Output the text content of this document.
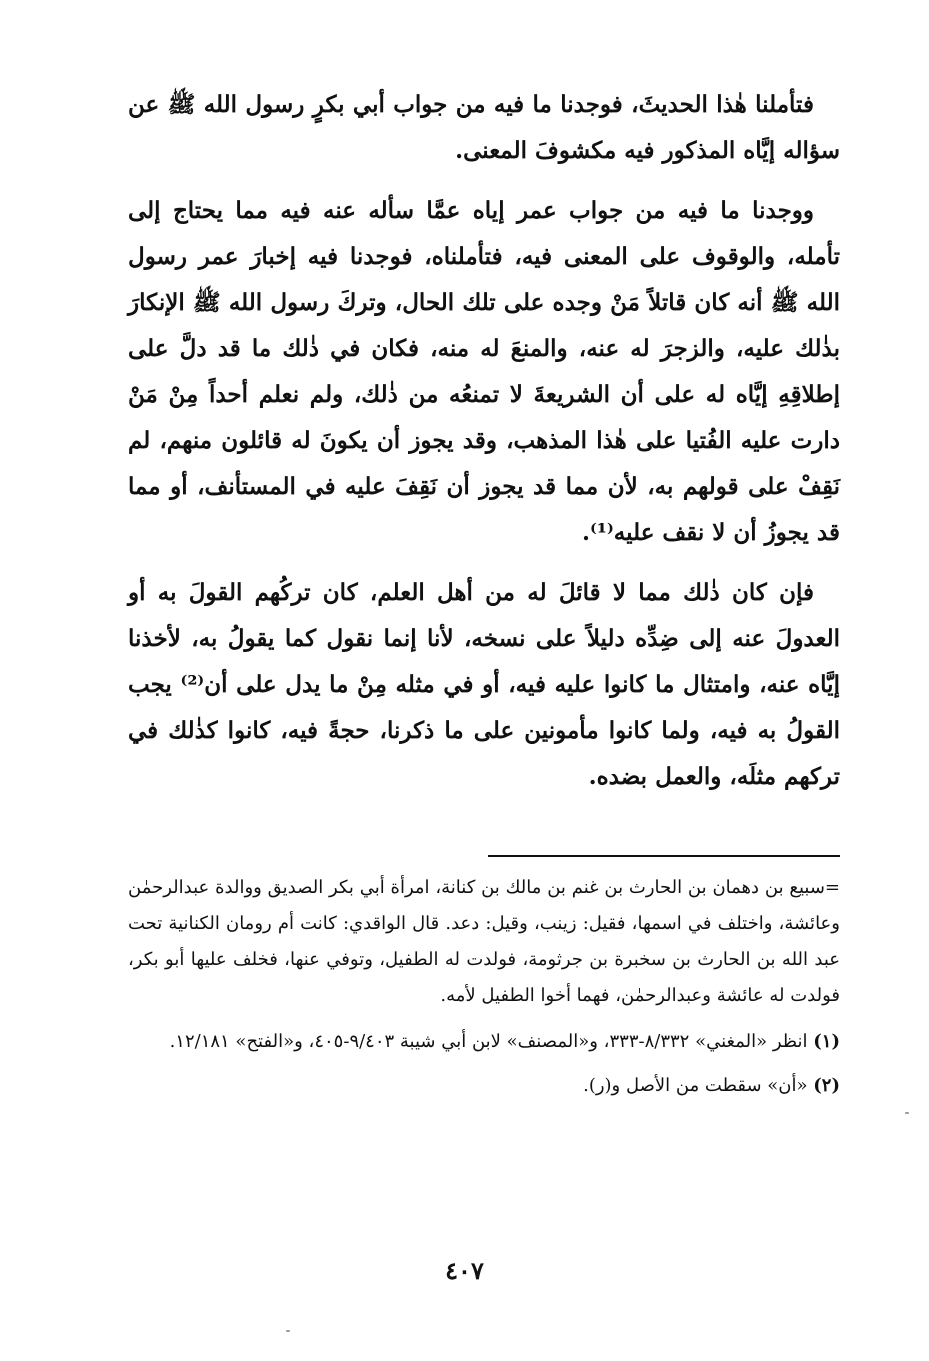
فتأملنا هٰذا الحديثَ، فوجدنا ما فيه من جواب أبي بكرٍ رسول الله ﷺ عن سؤاله إيَّاه المذكور فيه مكشوفَ المعنى.

ووجدنا ما فيه من جواب عمر إياه عمَّا سأله عنه فيه مما يحتاج إلى تأمله، والوقوف على المعنى فيه، فتأملناه، فوجدنا فيه إخبارَ عمر رسول الله ﷺ أنه كان قاتلاً مَنْ وجده على تلك الحال، وتركَ رسول الله ﷺ الإنكارَ بذٰلك عليه، والزجرَ له عنه، والمنعَ له منه، فكان في ذٰلك ما قد دلَّ على إطلاقِهِ إيَّاه له على أن الشريعةَ لا تمنعُه من ذٰلك، ولم نعلم أحداً مِنْ مَنْ دارت عليه الفُتيا على هٰذا المذهب، وقد يجوز أن يكونَ له قائلون منهم، لم نَقِفْ على قولهم به، لأن مما قد يجوز أن نَقِفَ عليه في المستأنف، أو مما قد يجوزُ أن لا نقف عليه⁽¹⁾.

فإن كان ذٰلك مما لا قائلَ له من أهل العلم، كان تركُهم القولَ به أو العدولَ عنه إلى ضِدِّه دليلاً على نسخه، لأنا إنما نقول كما يقولُ به، لأخذنا إيَّاه عنه، وامتثال ما كانوا عليه فيه، أو في مثله مِنْ ما يدل على أن⁽²⁾ يجب القولُ به فيه، ولما كانوا مأمونين على ما ذكرنا، حجةً فيه، كانوا كذٰلك في تركهم مثلَه، والعمل بضده.

=سبيع بن دهمان بن الحارث بن غنم بن مالك بن كنانة، امرأة أبي بكر الصديق ووالدة عبدالرحمٰن وعائشة، واختلف في اسمها، فقيل: زينب، وقيل: دعد. قال الواقدي: كانت أم رومان الكنانية تحت عبد الله بن الحارث بن سخبرة بن جرثومة، فولدت له الطفيل، وتوفي عنها، فخلف عليها أبو بكر، فولدت له عائشة وعبدالرحمٰن، فهما أخوا الطفيل لأمه.

(١) انظر «المغني» ٨/٣٣٢-٣٣٣، و«المصنف» لابن أبي شيبة ٩/٤٠٣-٤٠٥، و«الفتح» ١٢/١٨١.

(٢) «أن» سقطت من الأصل و(ر).

٤٠٧
